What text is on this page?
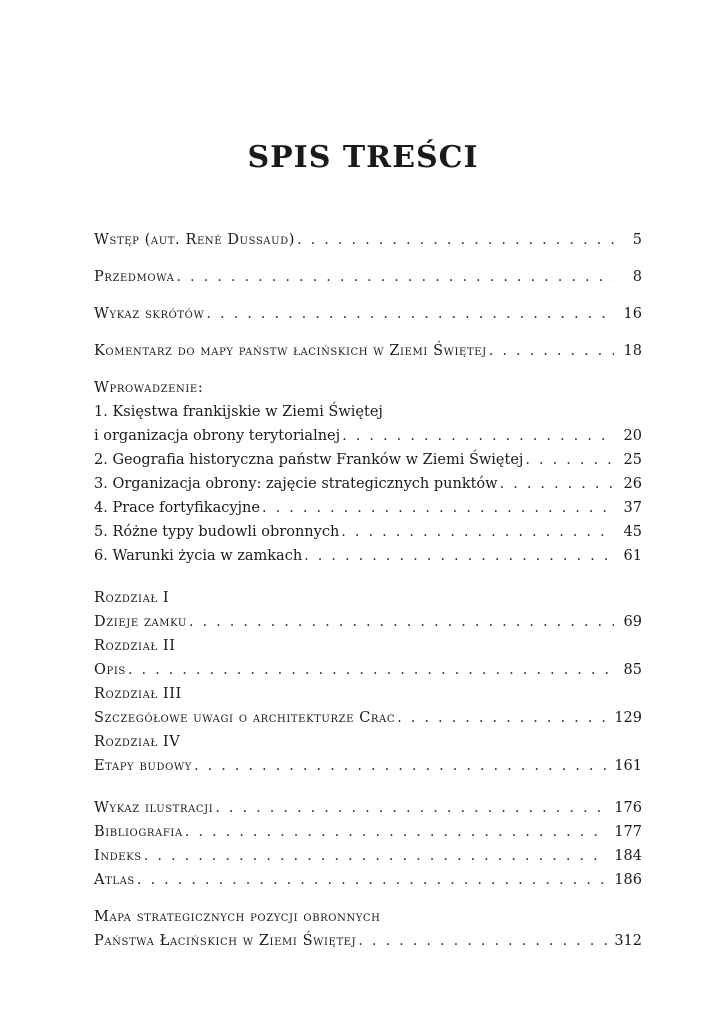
SPIS TREŚCI
Wstęp (aut. René Dussaud) . . .	5
Przedmowa . . .	8
Wykaz skrótów . . .	16
Komentarz do mapy państw łacińskich w Ziemi Świętej . . .	18
Wprowadzenie:
1. Księstwa frankijskie w Ziemi Świętej
i organizacja obrony terytorialnej . . .	20
2. Geografia historyczna państw Franków w Ziemi Świętej . . .	25
3. Organizacja obrony: zajęcie strategicznych punktów . . .	26
4. Prace fortyfikacyjne . . .	37
5. Różne typy budowli obronnych . . .	45
6. Warunki życia w zamkach . . .	61
Rozdział I
Dzieje zamku . . .	69
Rozdział II
Opis . . .	85
Rozdział III
Szczegółowe uwagi o architekturze Crac . . .	129
Rozdział IV
Etapy budowy . . .	161
Wykaz ilustracji . . .	176
Bibliografia . . .	177
Indeks . . .	184
Atlas . . .	186
Mapa strategicznych pozycji obronnych
Państwa Łacińskich w Ziemi Świętej . . .	312
